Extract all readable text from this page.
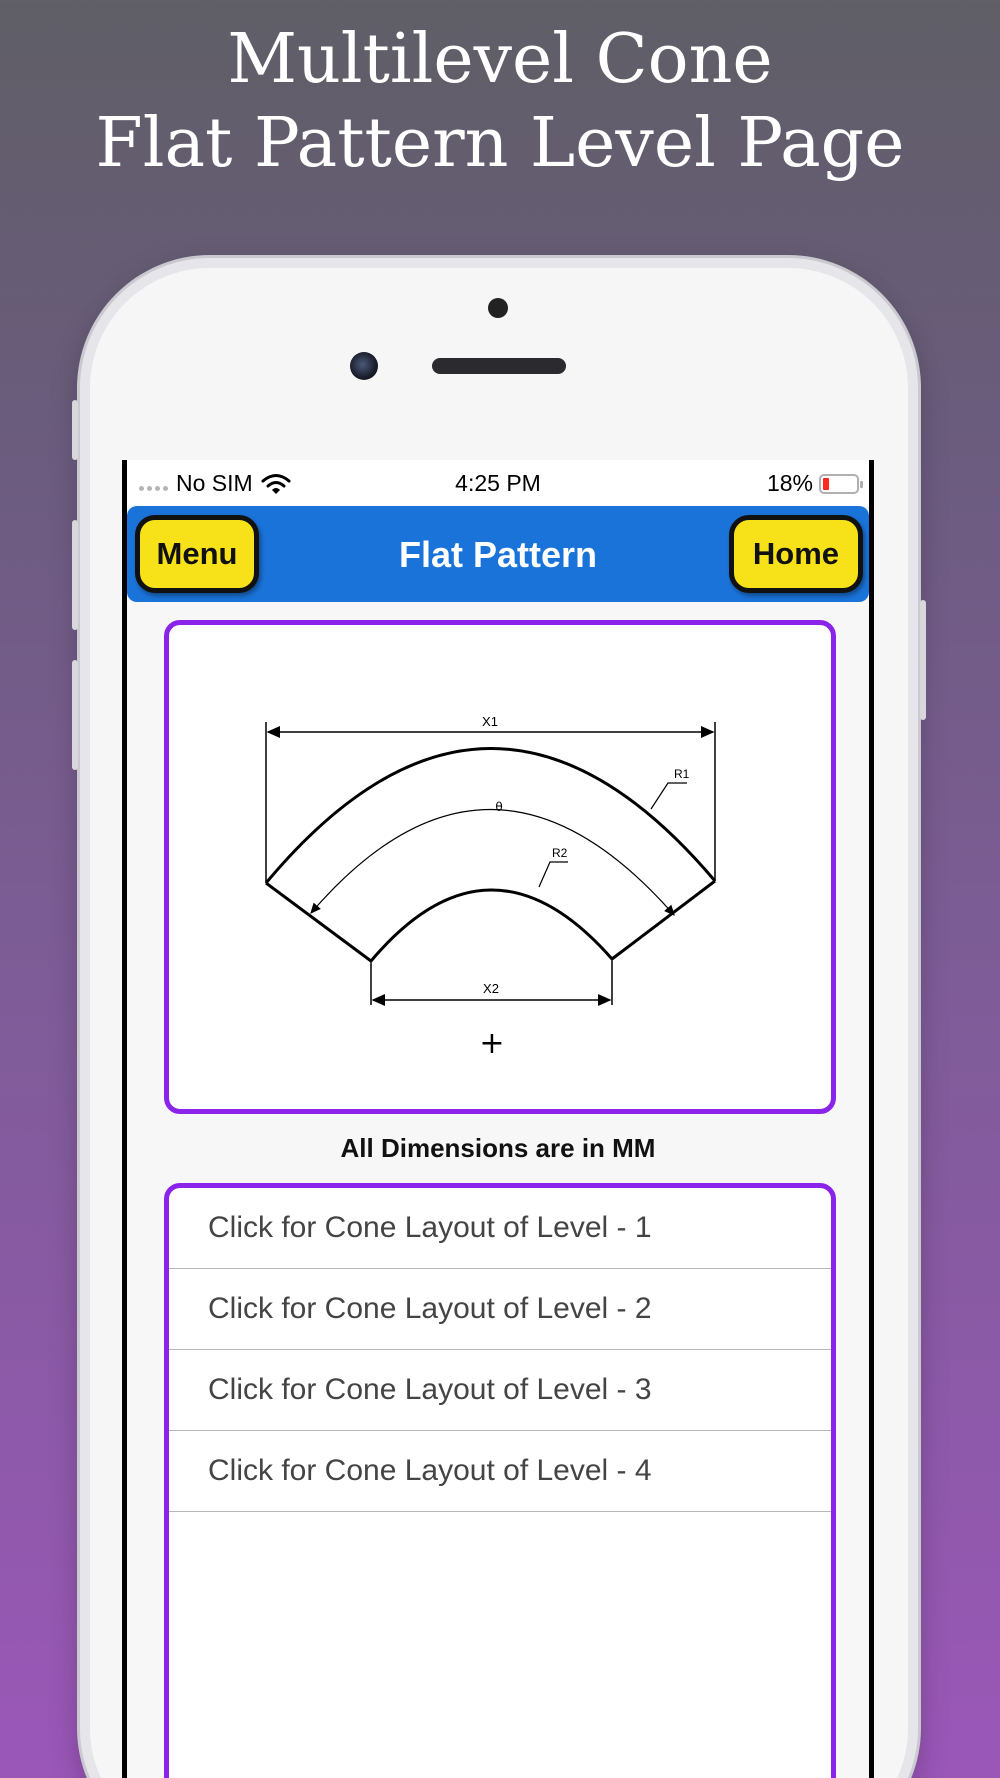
Multilevel Cone
Flat Pattern Level Page
No SIM	4:25 PM	18%
Menu	Flat Pattern	Home
X1
θ
R1
R2
X2
+
All Dimensions are in MM
Click for Cone Layout of Level - 1
Click for Cone Layout of Level - 2
Click for Cone Layout of Level - 3
Click for Cone Layout of Level - 4
